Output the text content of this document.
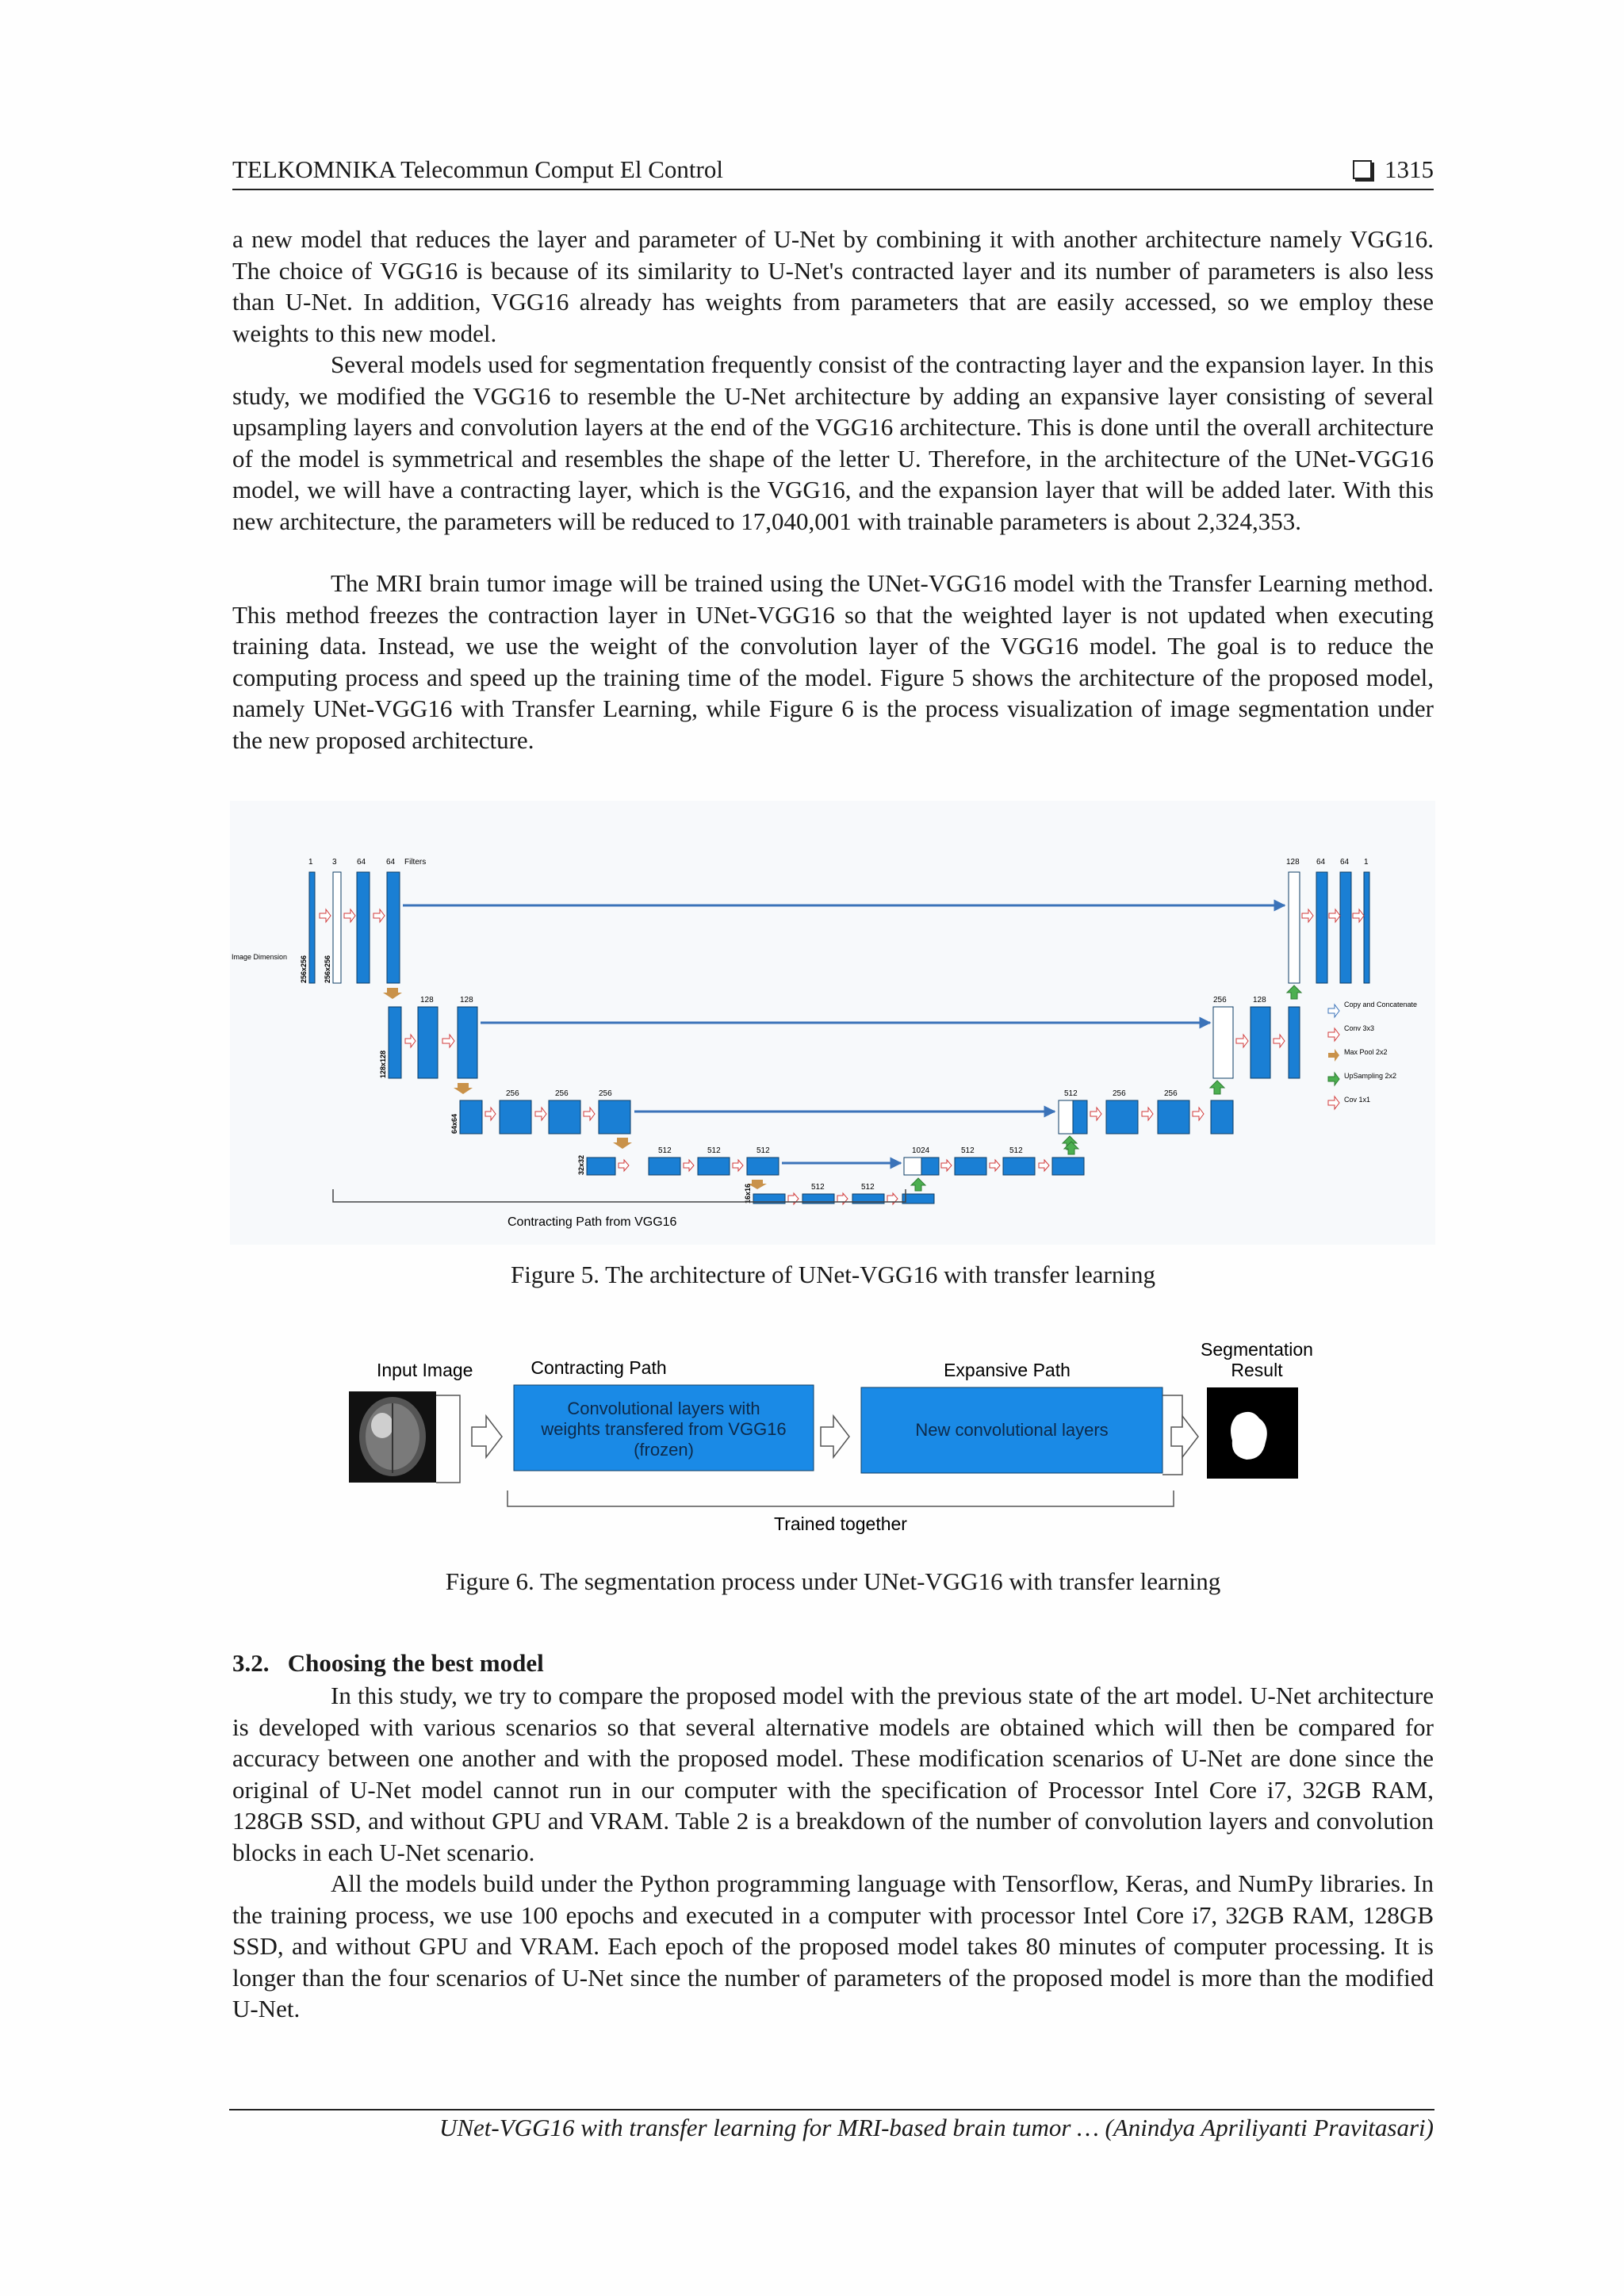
TELKOMNIKA Telecommun Comput El Control	1315

a new model that reduces the layer and parameter of U-Net by combining it with another architecture namely VGG16. The choice of VGG16 is because of its similarity to U-Net's contracted layer and its number of parameters is also less than U-Net. In addition, VGG16 already has weights from parameters that are easily accessed, so we employ these weights to this new model.

Several models used for segmentation frequently consist of the contracting layer and the expansion layer. In this study, we modified the VGG16 to resemble the U-Net architecture by adding an expansive layer consisting of several upsampling layers and convolution layers at the end of the VGG16 architecture. This is done until the overall architecture of the model is symmetrical and resembles the shape of the letter U. Therefore, in the architecture of the UNet-VGG16 model, we will have a contracting layer, which is the VGG16, and the expansion layer that will be added later. With this new architecture, the parameters will be reduced to 17,040,001 with trainable parameters is about 2,324,353.

The MRI brain tumor image will be trained using the UNet-VGG16 model with the Transfer Learning method. This method freezes the contraction layer in UNet-VGG16 so that the weighted layer is not updated when executing training data. Instead, we use the weight of the convolution layer of the VGG16 model. The goal is to reduce the computing process and speed up the training time of the model. Figure 5 shows the architecture of the proposed model, namely UNet-VGG16 with Transfer Learning, while Figure 6 is the process visualization of image segmentation under the new proposed architecture.

1 3	64	64 Filters
Image Dimension 256x256 256x256
128 64 64 1
128	128
128x128
256	128
256	256	256
64x64
512	256	256
512	512	512
32x32
1024	512	512
512	512
16x16
Contracting Path from VGG16
Copy and Concatenate
Conv 3x3
Max Pool 2x2
UpSampling 2x2
Cov 1x1
Figure 5. The architecture of UNet-VGG16 with transfer learning
Input Image	Contracting Path
Convolutional layers with
weights transfered from VGG16
(frozen)
Expansive Path
New convolutional layers
Segmentation
Result
Trained together
Figure 6. The segmentation process under UNet-VGG16 with transfer learning
3.2. Choosing the best model

In this study, we try to compare the proposed model with the previous state of the art model. U-Net architecture is developed with various scenarios so that several alternative models are obtained which will then be compared for accuracy between one another and with the proposed model. These modification scenarios of U-Net are done since the original of U-Net model cannot run in our computer with the specification of Processor Intel Core i7, 32GB RAM, 128GB SSD, and without GPU and VRAM. Table 2 is a breakdown of the number of convolution layers and convolution blocks in each U-Net scenario.

All the models build under the Python programming language with Tensorflow, Keras, and NumPy libraries. In the training process, we use 100 epochs and executed in a computer with processor Intel Core i7, 32GB RAM, 128GB SSD, and without GPU and VRAM. Each epoch of the proposed model takes 80 minutes of computer processing. It is longer than the four scenarios of U-Net since the number of parameters of the proposed model is more than the modified U-Net.

UNet-VGG16 with transfer learning for MRI-based brain tumor … (Anindya Apriliyanti Pravitasari)
